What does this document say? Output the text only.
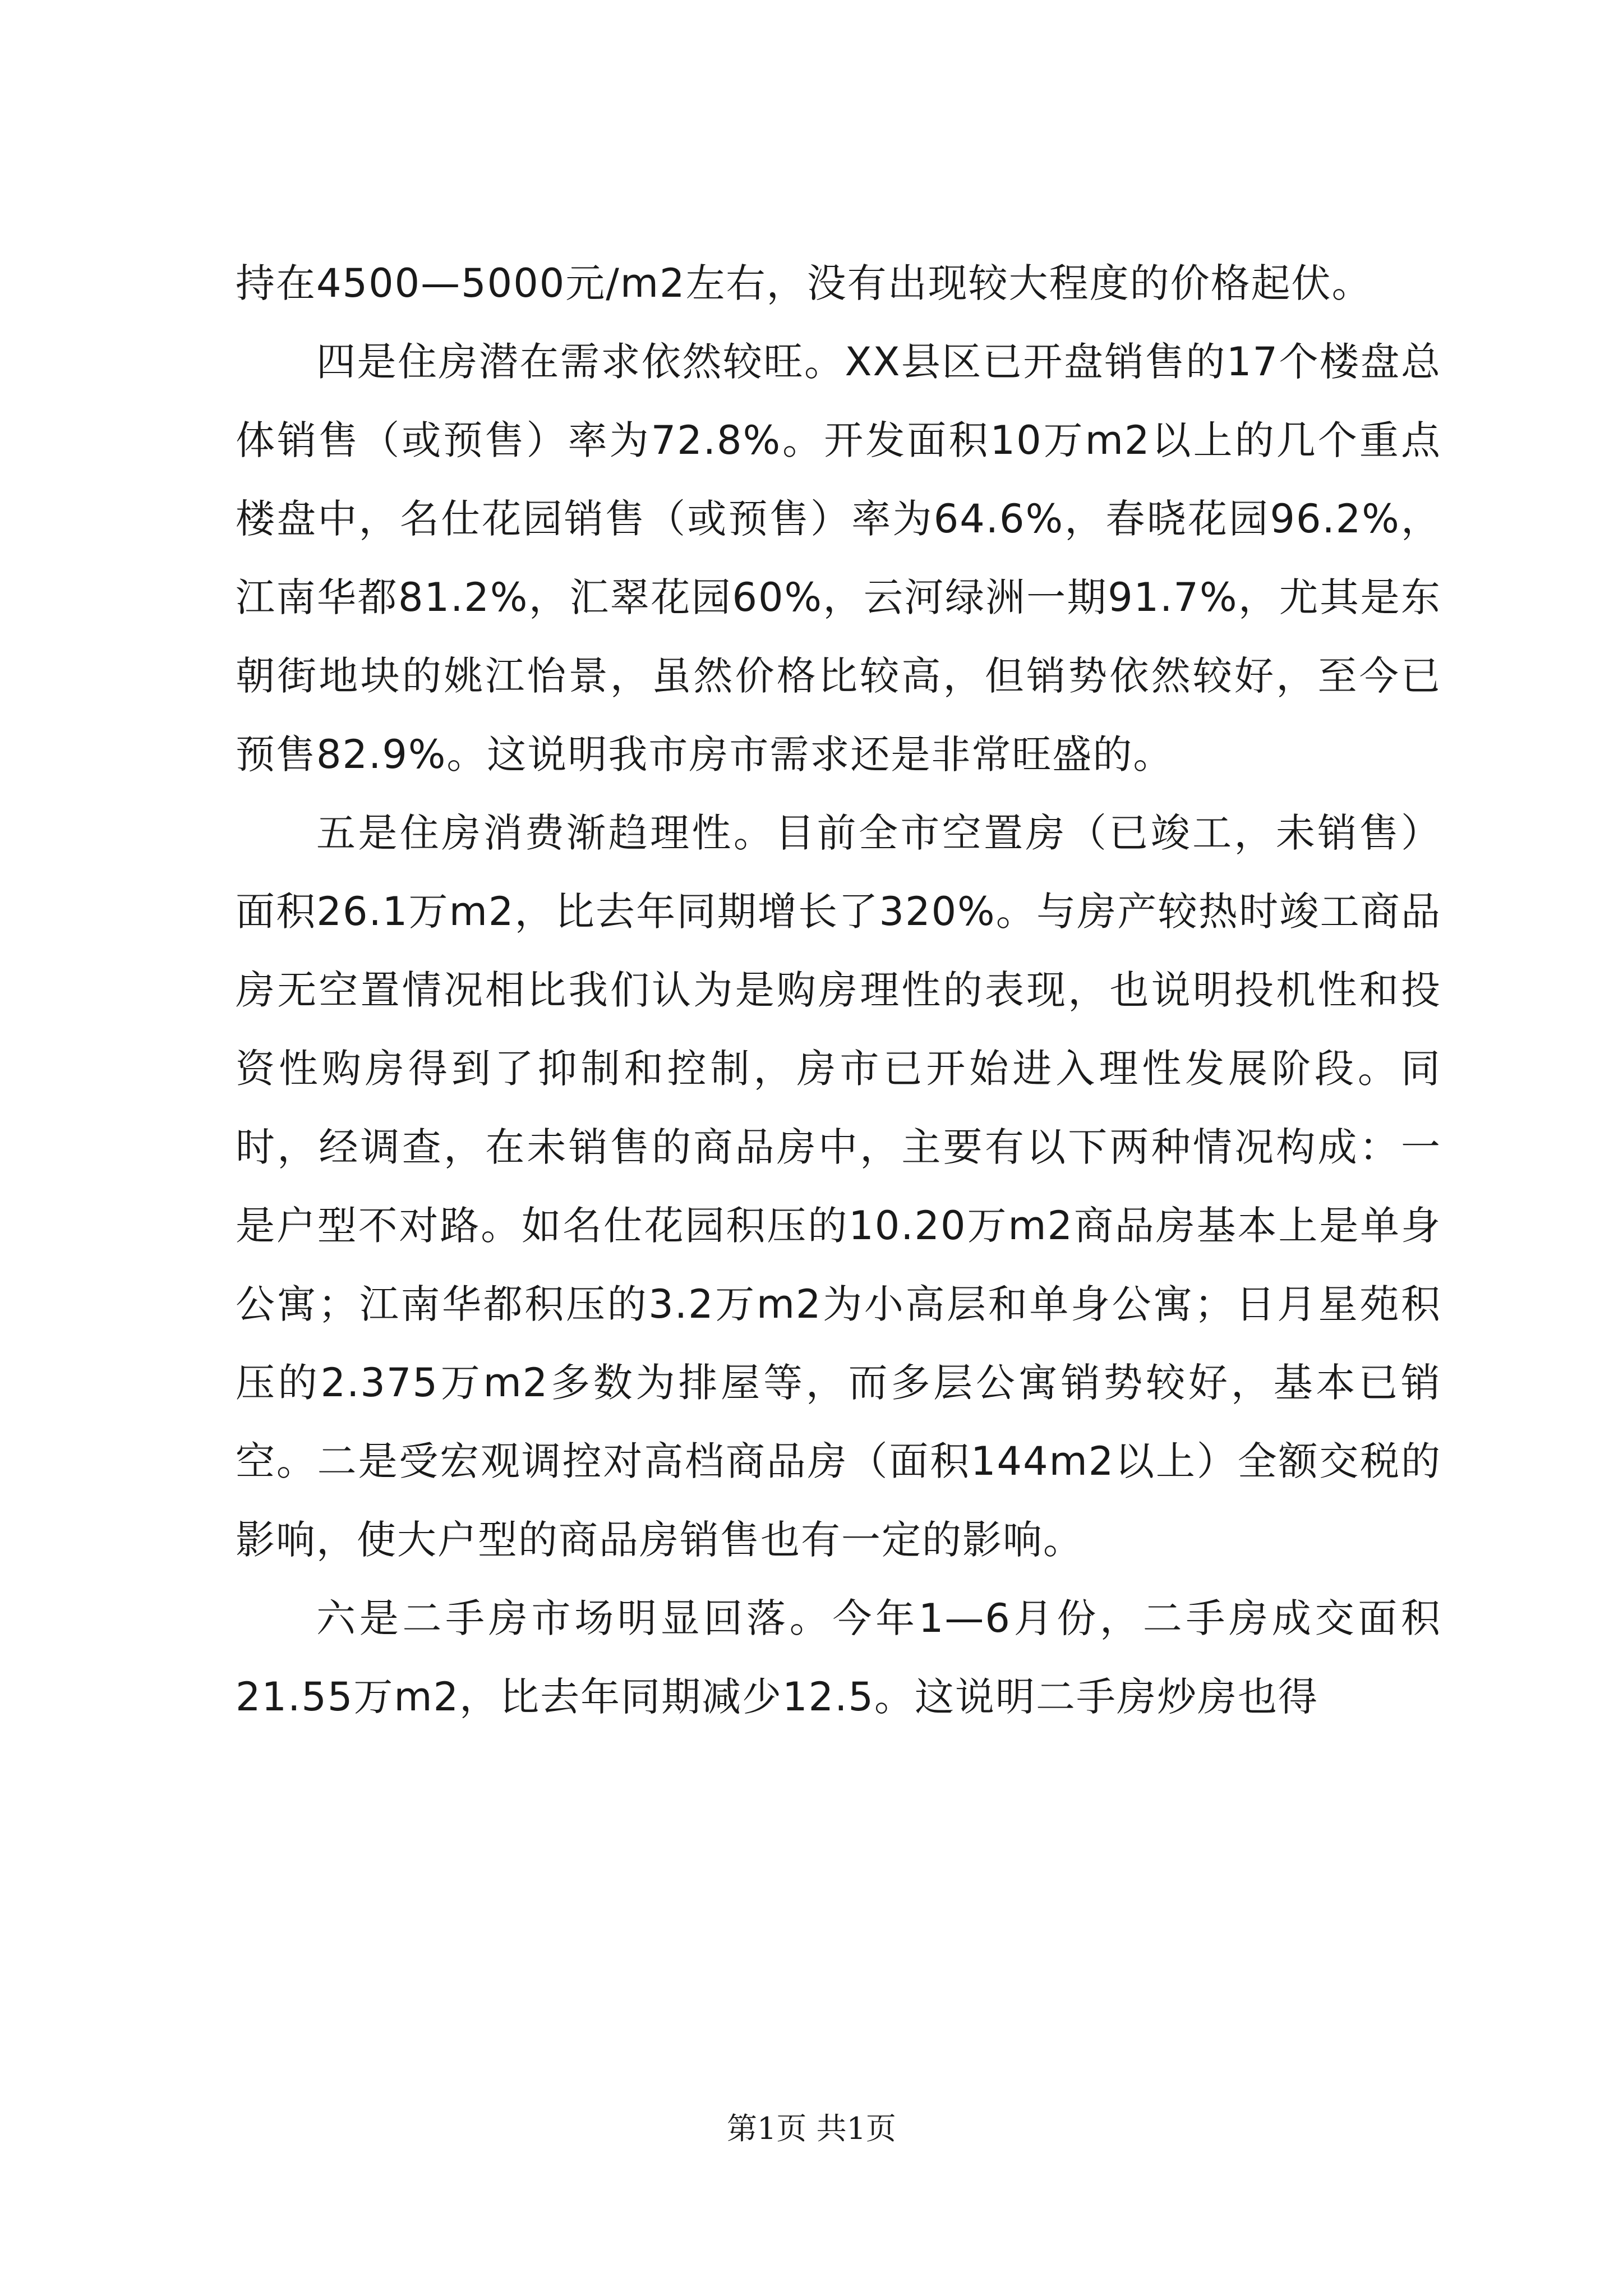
持在4500—5000元/m2左右，没有出现较大程度的价格起伏。

四是住房潜在需求依然较旺。XX县区已开盘销售的17个楼盘总体销售（或预售）率为72.8%。开发面积10万m2以上的几个重点楼盘中，名仕花园销售（或预售）率为64.6%，春晓花园96.2%，江南华都81.2%，汇翠花园60%，云河绿洲一期91.7%，尤其是东朝街地块的姚江怡景，虽然价格比较高，但销势依然较好，至今已预售82.9%。这说明我市房市需求还是非常旺盛的。

五是住房消费渐趋理性。目前全市空置房（已竣工，未销售）面积26.1万m2，比去年同期增长了320%。与房产较热时竣工商品房无空置情况相比我们认为是购房理性的表现，也说明投机性和投资性购房得到了抑制和控制，房市已开始进入理性发展阶段。同时，经调查，在未销售的商品房中，主要有以下两种情况构成：一是户型不对路。如名仕花园积压的10.20万m2商品房基本上是单身公寓；江南华都积压的3.2万m2为小高层和单身公寓；日月星苑积压的2.375万m2多数为排屋等，而多层公寓销势较好，基本已销空。二是受宏观调控对高档商品房（面积144m2以上）全额交税的影响，使大户型的商品房销售也有一定的影响。

六是二手房市场明显回落。今年1—6月份，二手房成交面积21.55万m2，比去年同期减少12.5。这说明二手房炒房也得

第1页 共1页
